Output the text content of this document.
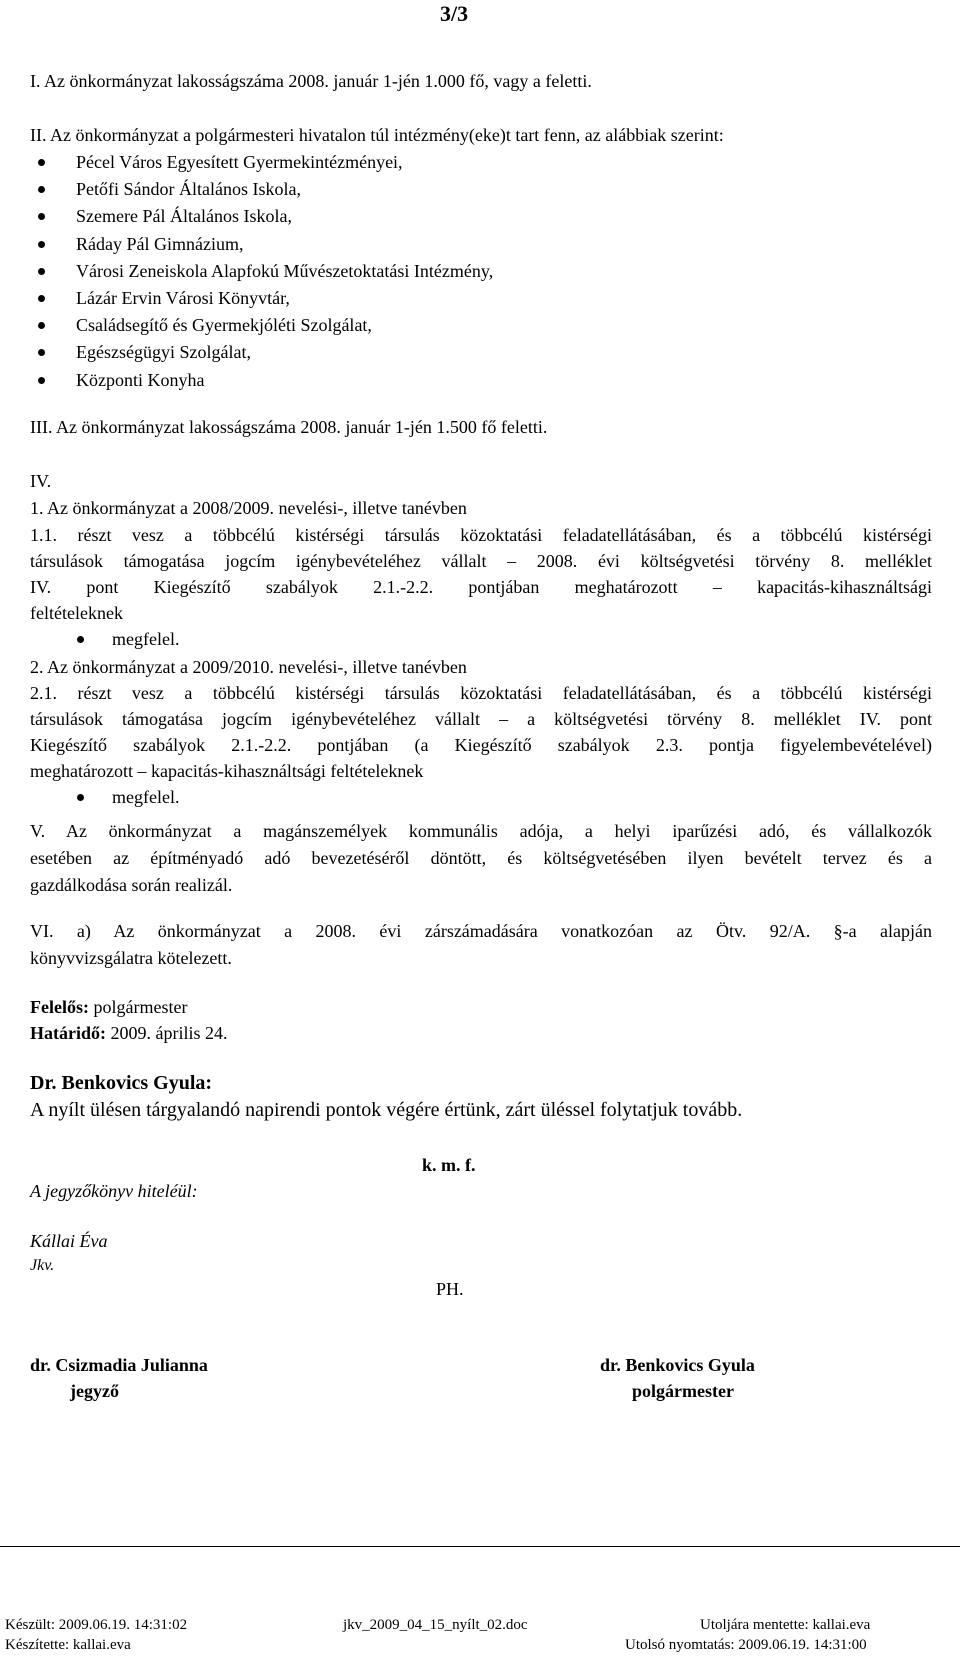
3/3
I. Az önkormányzat lakosságszáma 2008. január 1-jén 1.000 fő, vagy a feletti.
II. Az önkormányzat a polgármesteri hivatalon túl intézmény(eke)t tart fenn, az alábbiak szerint:
Pécel Város Egyesített Gyermekintézményei,
Petőfi Sándor Általános Iskola,
Szemere Pál Általános Iskola,
Ráday Pál Gimnázium,
Városi Zeneiskola Alapfokú Művészetoktatási Intézmény,
Lázár Ervin Városi Könyvtár,
Családsegítő és Gyermekjóléti Szolgálat,
Egészségügyi Szolgálat,
Központi Konyha
III. Az önkormányzat lakosságszáma 2008. január 1-jén 1.500 fő feletti.
IV.
1. Az önkormányzat a 2008/2009. nevelési-, illetve tanévben
1.1. részt vesz a többcélú kistérségi társulás közoktatási feladatellátásában, és a többcélú kistérségi
társulások támogatása jogcím igénybevételéhez vállalt – 2008. évi költségvetési törvény 8. melléklet
IV. pont Kiegészítő szabályok 2.1.-2.2. pontjában meghatározott – kapacitás-kihasználtsági
feltételeknek
megfelel.
2. Az önkormányzat a 2009/2010. nevelési-, illetve tanévben
2.1. részt vesz a többcélú kistérségi társulás közoktatási feladatellátásában, és a többcélú kistérségi
társulások támogatása jogcím igénybevételéhez vállalt – a költségvetési törvény 8. melléklet IV. pont
Kiegészítő szabályok 2.1.-2.2. pontjában (a Kiegészítő szabályok 2.3. pontja figyelembevételével)
meghatározott – kapacitás-kihasználtsági feltételeknek
megfelel.
V. Az önkormányzat a magánszemélyek kommunális adója, a helyi iparűzési adó, és vállalkozók
esetében az építményadó adó bevezetéséről döntött, és költségvetésében ilyen bevételt tervez és a
gazdálkodása során realizál.
VI. a) Az önkormányzat a 2008. évi zárszámadására vonatkozóan az Ötv. 92/A. §-a alapján
könyvvizsgálatra kötelezett.
Felelős: polgármester
Határidő: 2009. április 24.
Dr. Benkovics Gyula:
A nyílt ülésen tárgyalandó napirendi pontok végére értünk, zárt üléssel folytatjuk tovább.
k. m. f.
A jegyzőkönyv hiteléül:
Kállai Éva
Jkv.
PH.
dr. Csizmadia Julianna
jegyző
dr. Benkovics Gyula
polgármester
Készült: 2009.06.19. 14:31:02	jkv_2009_04_15_nyílt_02.doc	Utoljára mentette: kallai.eva
Készítette: kallai.eva	Utolsó nyomtatás: 2009.06.19. 14:31:00
